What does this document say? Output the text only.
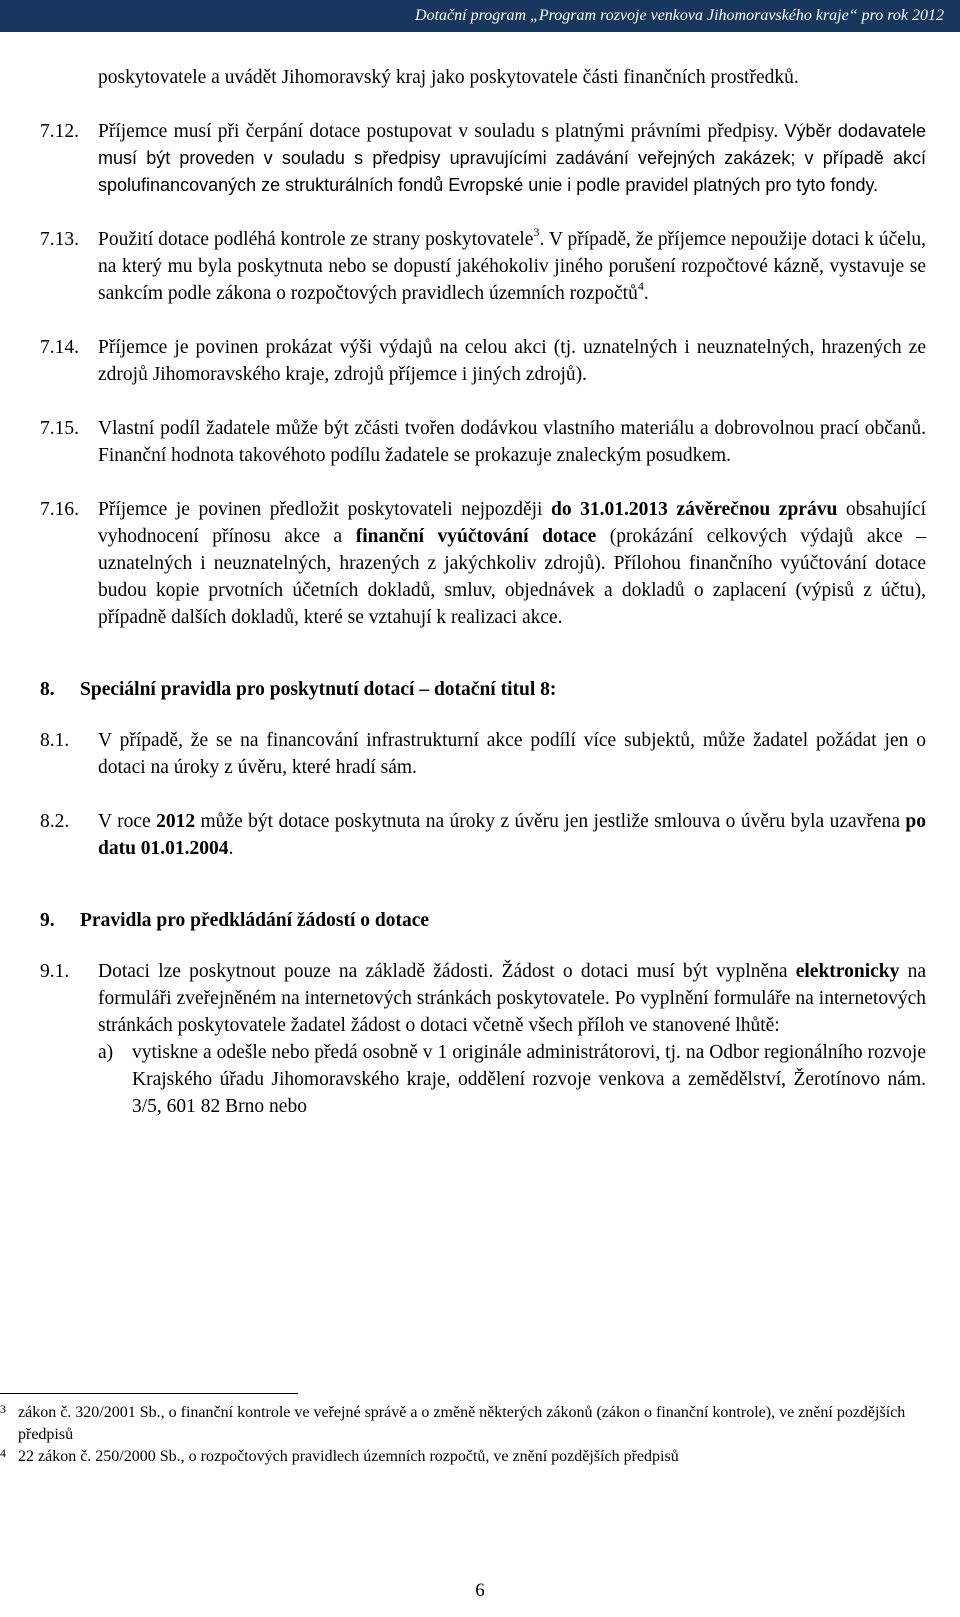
Dotační program „Program rozvoje venkova Jihomoravského kraje“ pro rok 2012
poskytovatele a uvádět Jihomoravský kraj jako poskytovatele části finančních prostředků.
7.12. Příjemce musí při čerpání dotace postupovat v souladu s platnými právními předpisy. Výběr dodavatele musí být proveden v souladu s předpisy upravujícími zadávání veřejných zakázek; v případě akcí spolufinancovaných ze strukturálních fondů Evropské unie i podle pravidel platných pro tyto fondy.
7.13. Použití dotace podléhá kontrole ze strany poskytovatele$^3$. V případě, že příjemce nepoužije dotaci k účelu, na který mu byla poskytnuta nebo se dopustí jakéhokoliv jiného porušení rozpočtové kázně, vystavuje se sankcím podle zákona o rozpočtových pravidlech územních rozpočtů$^4$.
7.14. Příjemce je povinen prokázat výši výdajů na celou akci (tj. uznatelných i neuznatelných, hrazených ze zdrojů Jihomoravského kraje, zdrojů příjemce i jiných zdrojů).
7.15. Vlastní podíl žadatele může být zčásti tvořen dodávkou vlastního materiálu a dobrovolnou prací občanů. Finanční hodnota takovéhoto podílu žadatele se prokazuje znaleckým posudkem.
7.16. Příjemce je povinen předložit poskytovateli nejpozději do 31.01.2013 závěrečnou zprávu obsahující vyhodnocení přínosu akce a finanční vyúčtování dotace (prokázání celkových výdajů akce – uznatelných i neuznatelných, hrazených z jakýchkoliv zdrojů). Přílohou finančního vyúčtování dotace budou kopie prvotních účetních dokladů, smluv, objednávek a dokladů o zaplacení (výpisů z účtu), případně dalších dokladů, které se vztahují k realizaci akce.
8.	Speciální pravidla pro poskytnutí dotací – dotační titul 8:
8.1.	V případě, že se na financování infrastrukturní akce podílí více subjektů, může žadatel požádat jen o dotaci na úroky z úvěru, které hradí sám.
8.2.	V roce 2012 může být dotace poskytnuta na úroky z úvěru jen jestliže smlouva o úvěru byla uzavřena po datu 01.01.2004.
9.	Pravidla pro předkládání žádostí o dotace
9.1.	Dotaci lze poskytnout pouze na základě žádosti. Žádost o dotaci musí být vyplněna elektronicky na formuláři zveřejněném na internetových stránkách poskytovatele. Po vyplnění formuláře na internetových stránkách poskytovatele žadatel žádost o dotaci včetně všech příloh ve stanovené lhůtě:
a) vytiskne a odešle nebo předá osobně v 1 originále administrátorovi, tj. na Odbor regionálního rozvoje Krajského úřadu Jihomoravského kraje, oddělení rozvoje venkova a zemědělství, Žerotínovo nám. 3/5, 601 82 Brno nebo
3 zákon č. 320/2001 Sb., o finanční kontrole ve veřejné správě a o změně některých zákonů (zákon o finanční kontrole), ve znění pozdějších předpisů
4 22 zákon č. 250/2000 Sb., o rozpočtových pravidlech územních rozpočtů, ve znění pozdějších předpisů
6
